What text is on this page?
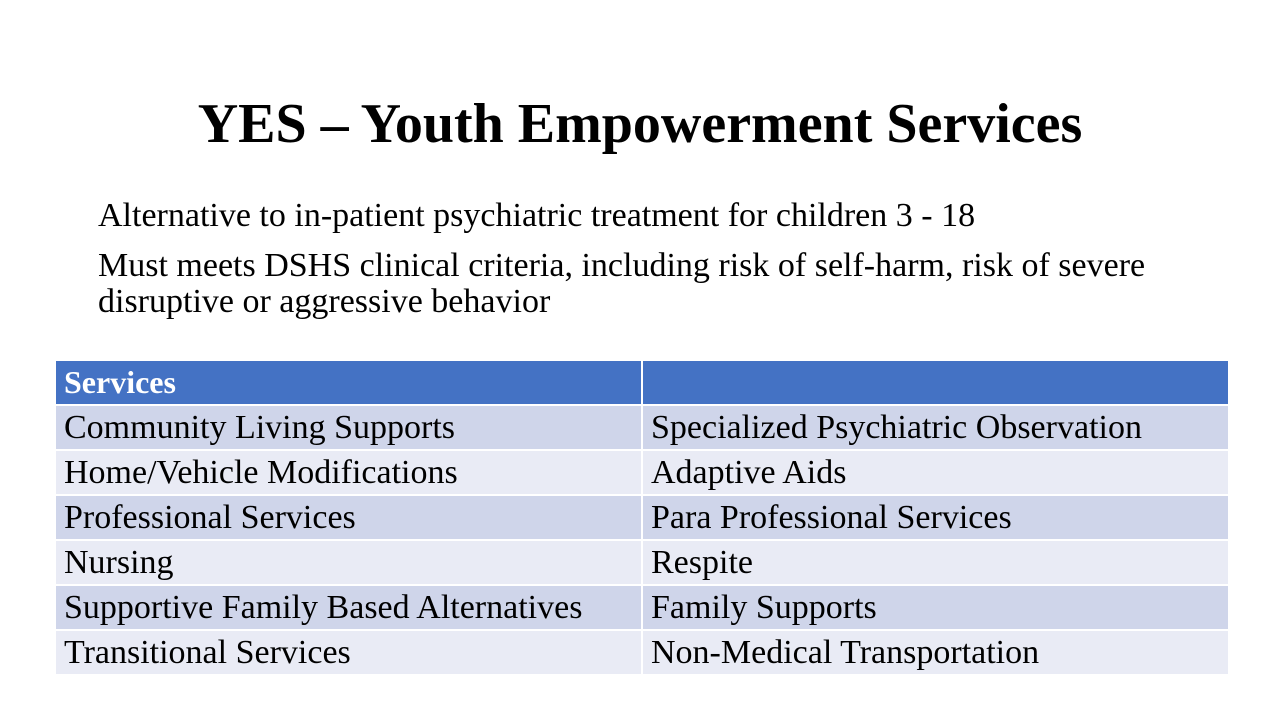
YES – Youth Empowerment Services
Alternative to in-patient psychiatric treatment for children 3 - 18
Must meets DSHS clinical criteria, including risk of self-harm, risk of severe disruptive or aggressive behavior
Services	
Community Living Supports	Specialized Psychiatric Observation
Home/Vehicle Modifications	Adaptive Aids
Professional Services	Para Professional Services
Nursing	Respite
Supportive Family Based Alternatives	Family Supports
Transitional Services	Non-Medical Transportation
